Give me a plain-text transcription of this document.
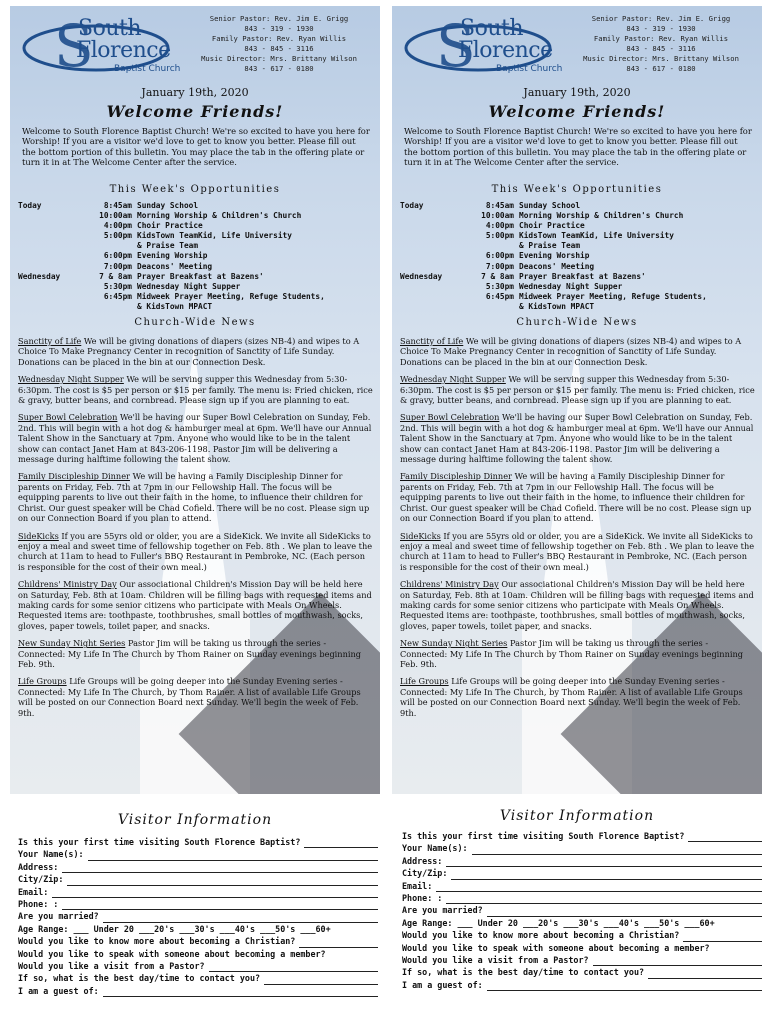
S
South
Florence
Baptist Church
Senior Pastor: Rev. Jim E. Grigg
843 - 319 - 1930
Family Pastor: Rev. Ryan Willis
843 - 845 - 3116
Music Director: Mrs. Brittany Wilson
843 - 617 - 0180
January 19th, 2020
Welcome Friends!
Welcome to South Florence Baptist Church! We're so excited to have you here for Worship! If you are a visitor we'd love to get to know you better. Please fill out the bottom portion of this bulletin. You may place the tab in the offering plate or turn it in at The Welcome Center after the service.
This Week's Opportunities
Today	8:45am Sunday School
10:00am Morning Worship & Children's Church
4:00pm Choir Practice
5:00pm KidsTown TeamKid, Life University
& Praise Team
6:00pm Evening Worship
7:00pm Deacons' Meeting
Wednesday	7 & 8am Prayer Breakfast at Bazens'
5:30pm Wednesday Night Supper
6:45pm Midweek Prayer Meeting, Refuge Students,
& KidsTown MPACT
Church-Wide News
Sanctity of Life We will be giving donations of diapers (sizes NB-4) and wipes to A Choice To Make Pregnancy Center in recognition of Sanctity of Life Sunday. Donations can be placed in the bin at our Connection Desk.
Wednesday Night Supper We will be serving supper this Wednesday from 5:30-6:30pm. The cost is $5 per person or $15 per family. The menu is: Fried chicken, rice & gravy, butter beans, and cornbread. Please sign up if you are planning to eat.
Super Bowl Celebration We'll be having our Super Bowl Celebration on Sunday, Feb. 2nd. This will begin with a hot dog & hamburger meal at 6pm. We'll have our Annual Talent Show in the Sanctuary at 7pm. Anyone who would like to be in the talent show can contact Janet Ham at 843-206-1198. Pastor Jim will be delivering a message during halftime following the talent show.
Family Discipleship Dinner We will be having a Family Discipleship Dinner for parents on Friday, Feb. 7th at 7pm in our Fellowship Hall. The focus will be equipping parents to live out their faith in the home, to influence their children for Christ. Our guest speaker will be Chad Cofield. There will be no cost. Please sign up on our Connection Board if you plan to attend.
SideKicks If you are 55yrs old or older, you are a SideKick. We invite all SideKicks to enjoy a meal and sweet time of fellowship together on Feb. 8th . We plan to leave the church at 11am to head to Fuller's BBQ Restaurant in Pembroke, NC. (Each person is responsible for the cost of their own meal.)
Childrens' Ministry Day Our associational Children's Mission Day will be held here on Saturday, Feb. 8th at 10am. Children will be filling bags with requested items and making cards for some senior citizens who participate with Meals On Wheels. Requested items are: toothpaste, toothbrushes, small bottles of mouthwash, socks, gloves, paper towels, toilet paper, and snacks.
New Sunday Night Series Pastor Jim will be taking us through the series - Connected: My Life In The Church by Thom Rainer on Sunday evenings beginning Feb. 9th.
Life Groups Life Groups will be going deeper into the Sunday Evening series - Connected: My Life In The Church, by Thom Rainer. A list of available Life Groups will be posted on our Connection Board next Sunday. We'll begin the week of Feb. 9th.
S
South
Florence
Baptist Church
Senior Pastor: Rev. Jim E. Grigg
843 - 319 - 1930
Family Pastor: Rev. Ryan Willis
843 - 845 - 3116
Music Director: Mrs. Brittany Wilson
843 - 617 - 0180
January 19th, 2020
Welcome Friends!
Welcome to South Florence Baptist Church! We're so excited to have you here for Worship! If you are a visitor we'd love to get to know you better. Please fill out the bottom portion of this bulletin. You may place the tab in the offering plate or turn it in at The Welcome Center after the service.
This Week's Opportunities
Today	8:45am Sunday School
10:00am Morning Worship & Children's Church
4:00pm Choir Practice
5:00pm KidsTown TeamKid, Life University
& Praise Team
6:00pm Evening Worship
7:00pm Deacons' Meeting
Wednesday	7 & 8am Prayer Breakfast at Bazens'
5:30pm Wednesday Night Supper
6:45pm Midweek Prayer Meeting, Refuge Students,
& KidsTown MPACT
Church-Wide News
Sanctity of Life We will be giving donations of diapers (sizes NB-4) and wipes to A Choice To Make Pregnancy Center in recognition of Sanctity of Life Sunday. Donations can be placed in the bin at our Connection Desk.
Wednesday Night Supper We will be serving supper this Wednesday from 5:30-6:30pm. The cost is $5 per person or $15 per family. The menu is: Fried chicken, rice & gravy, butter beans, and cornbread. Please sign up if you are planning to eat.
Super Bowl Celebration We'll be having our Super Bowl Celebration on Sunday, Feb. 2nd. This will begin with a hot dog & hamburger meal at 6pm. We'll have our Annual Talent Show in the Sanctuary at 7pm. Anyone who would like to be in the talent show can contact Janet Ham at 843-206-1198. Pastor Jim will be delivering a message during halftime following the talent show.
Family Discipleship Dinner We will be having a Family Discipleship Dinner for parents on Friday, Feb. 7th at 7pm in our Fellowship Hall. The focus will be equipping parents to live out their faith in the home, to influence their children for Christ. Our guest speaker will be Chad Cofield. There will be no cost. Please sign up on our Connection Board if you plan to attend.
SideKicks If you are 55yrs old or older, you are a SideKick. We invite all SideKicks to enjoy a meal and sweet time of fellowship together on Feb. 8th . We plan to leave the church at 11am to head to Fuller's BBQ Restaurant in Pembroke, NC. (Each person is responsible for the cost of their own meal.)
Childrens' Ministry Day Our associational Children's Mission Day will be held here on Saturday, Feb. 8th at 10am. Children will be filling bags with requested items and making cards for some senior citizens who participate with Meals On Wheels. Requested items are: toothpaste, toothbrushes, small bottles of mouthwash, socks, gloves, paper towels, toilet paper, and snacks.
New Sunday Night Series Pastor Jim will be taking us through the series - Connected: My Life In The Church by Thom Rainer on Sunday evenings beginning Feb. 9th.
Life Groups Life Groups will be going deeper into the Sunday Evening series - Connected: My Life In The Church, by Thom Rainer. A list of available Life Groups will be posted on our Connection Board next Sunday. We'll begin the week of Feb. 9th.
Visitor Information
Is this your first time visiting South Florence Baptist?
Your Name(s):
Address:
City/Zip:
Email:
Phone: :
Are you married?
Age Range: ___ Under 20 ___20's ___30's ___40's ___50's ___60+
Would you like to know more about becoming a Christian?
Would you like to speak with someone about becoming a member?
Would you like a visit from a Pastor?
If so, what is the best day/time to contact you?
I am a guest of:
Visitor Information
Is this your first time visiting South Florence Baptist?
Your Name(s):
Address:
City/Zip:
Email:
Phone: :
Are you married?
Age Range: ___ Under 20 ___20's ___30's ___40's ___50's ___60+
Would you like to know more about becoming a Christian?
Would you like to speak with someone about becoming a member?
Would you like a visit from a Pastor?
If so, what is the best day/time to contact you?
I am a guest of:
